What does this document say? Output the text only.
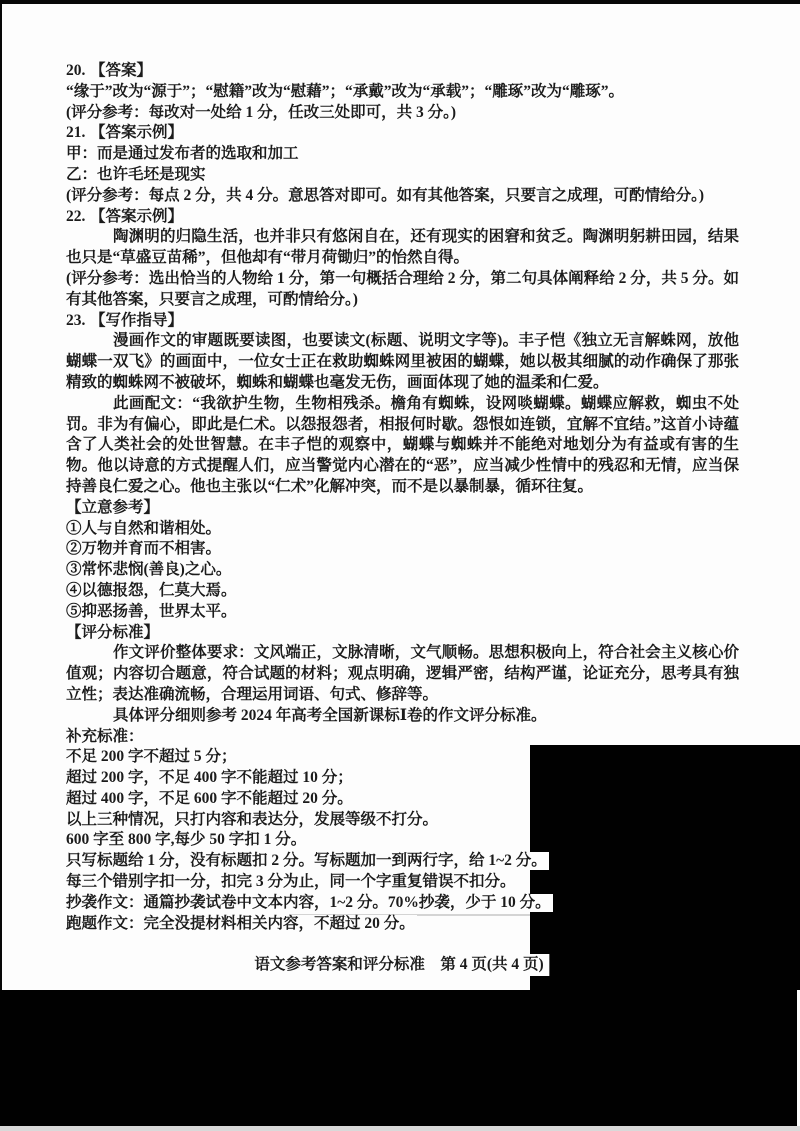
20. 【答案】

“缘于”改为“源于”；“慰籍”改为“慰藉”；“承戴”改为“承载”；“雕琢”改为“雕琢”。

(评分参考：每改对一处给 1 分，任改三处即可，共 3 分。)

21. 【答案示例】

甲：而是通过发布者的选取和加工

乙：也许毛坯是现实

(评分参考：每点 2 分，共 4 分。意思答对即可。如有其他答案，只要言之成理，可酌情给分。)

22. 【答案示例】

陶渊明的归隐生活，也并非只有悠闲自在，还有现实的困窘和贫乏。陶渊明躬耕田园，结果也只是“草盛豆苗稀”，但他却有“带月荷锄归”的怡然自得。

(评分参考：选出恰当的人物给 1 分，第一句概括合理给 2 分，第二句具体阐释给 2 分，共 5 分。如有其他答案，只要言之成理，可酌情给分。)

23. 【写作指导】

漫画作文的审题既要读图，也要读文(标题、说明文字等)。丰子恺《独立无言解蛛网，放他蝴蝶一双飞》的画面中，一位女士正在救助蜘蛛网里被困的蝴蝶，她以极其细腻的动作确保了那张精致的蜘蛛网不被破坏，蜘蛛和蝴蝶也毫发无伤，画面体现了她的温柔和仁爱。

此画配文：“我欲护生物，生物相残杀。檐角有蜘蛛，设网啖蝴蝶。蝴蝶应解救，蜘虫不处罚。非为有偏心，即此是仁术。以怨报怨者，相报何时歇。怨恨如连锁，宜解不宜结。”这首小诗蕴含了人类社会的处世智慧。在丰子恺的观察中，蝴蝶与蜘蛛并不能绝对地划分为有益或有害的生物。他以诗意的方式提醒人们，应当警觉内心潜在的“恶”，应当减少性情中的残忍和无情，应当保持善良仁爱之心。他也主张以“仁术”化解冲突，而不是以暴制暴，循环往复。

【立意参考】

①人与自然和谐相处。

②万物并育而不相害。

③常怀悲悯(善良)之心。

④以德报怨，仁莫大焉。

⑤抑恶扬善，世界太平。

【评分标准】

作文评价整体要求：文风端正，文脉清晰，文气顺畅。思想积极向上，符合社会主义核心价值观；内容切合题意，符合试题的材料；观点明确，逻辑严密，结构严谨，论证充分，思考具有独立性；表达准确流畅，合理运用词语、句式、修辞等。

具体评分细则参考 2024 年高考全国新课标Ⅰ卷的作文评分标准。

补充标准：

不足 200 字不超过 5 分；

超过 200 字，不足 400 字不能超过 10 分；

超过 400 字，不足 600 字不能超过 20 分。

以上三种情况，只打内容和表达分，发展等级不打分。

600 字至 800 字,每少 50 字扣 1 分。

只写标题给 1 分，没有标题扣 2 分。写标题加一到两行字，给 1~2 分。

每三个错别字扣一分，扣完 3 分为止，同一个字重复错误不扣分。

抄袭作文：通篇抄袭试卷中文本内容，1~2 分。70%抄袭，少于 10 分。

跑题作文：完全没提材料相关内容，不超过 20 分。

语文参考答案和评分标准　第 4 页(共 4 页)
